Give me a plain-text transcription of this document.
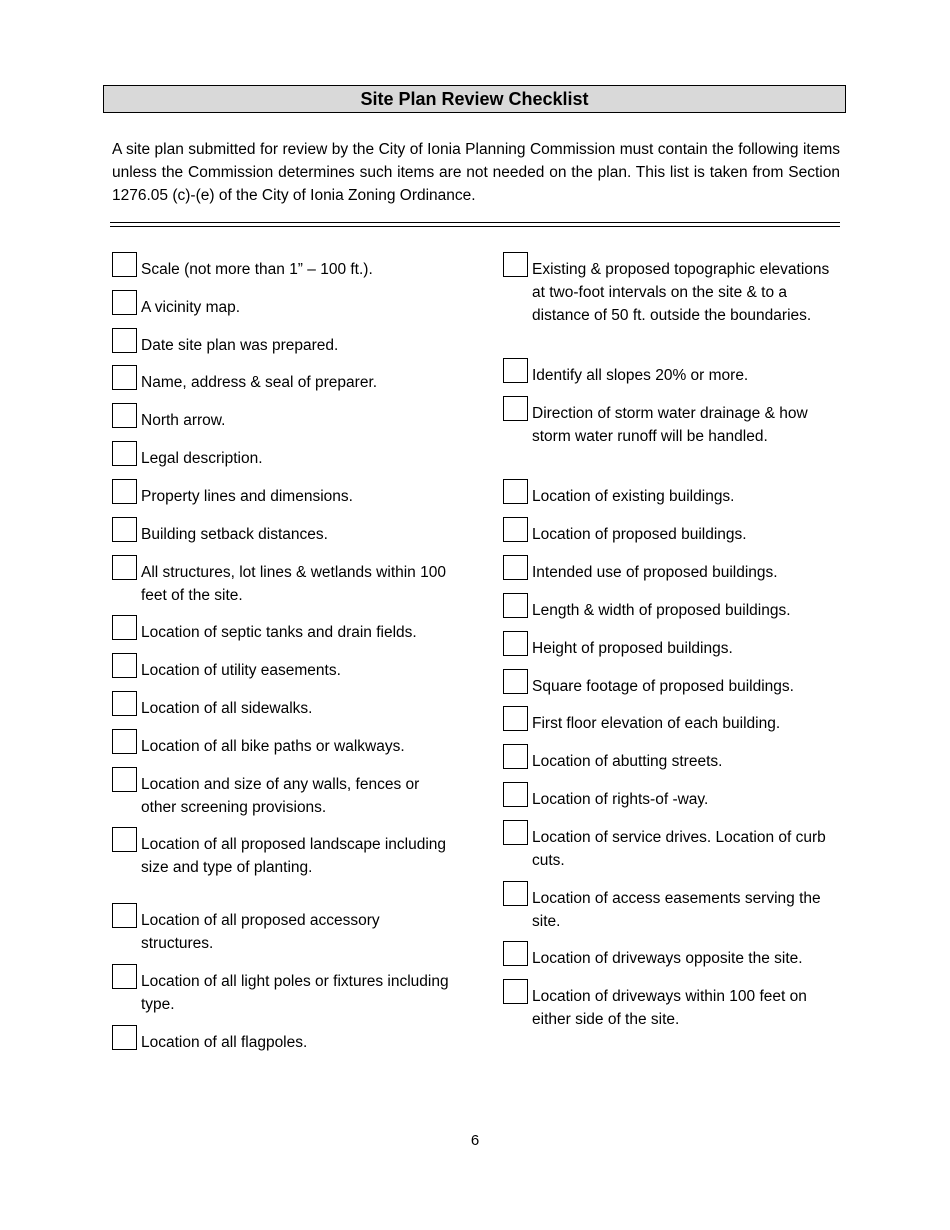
Site Plan Review Checklist
A site plan submitted for review by the City of Ionia Planning Commission must contain the following items unless the Commission determines such items are not needed on the plan. This list is taken from Section 1276.05 (c)-(e) of the City of Ionia Zoning Ordinance.
Scale (not more than 1” – 100 ft.).
A vicinity map.
Date site plan was prepared.
Name, address & seal of preparer.
North arrow.
Legal description.
Property lines and dimensions.
Building setback distances.
All structures, lot lines & wetlands within 100 feet of the site.
Location of septic tanks and drain fields.
Location of utility easements.
Location of all sidewalks.
Location of all bike paths or walkways.
Location and size of any walls, fences or other screening provisions.
Location of all proposed landscape including size and type of planting.
Location of all proposed accessory structures.
Location of all light poles or fixtures including type.
Location of all flagpoles.
Existing & proposed topographic elevations at two-foot intervals on the site & to a distance of 50 ft. outside the boundaries.
Identify all slopes 20% or more.
Direction of storm water drainage & how storm water runoff will be handled.
Location of existing buildings.
Location of proposed buildings.
Intended use of proposed buildings.
Length & width of proposed buildings.
Height of proposed buildings.
Square footage of proposed buildings.
First floor elevation of each building.
Location of abutting streets.
Location of rights-of -way.
Location of service drives. Location of curb cuts.
Location of access easements serving the site.
Location of driveways opposite the site.
Location of driveways within 100 feet on either side of the site.
6
